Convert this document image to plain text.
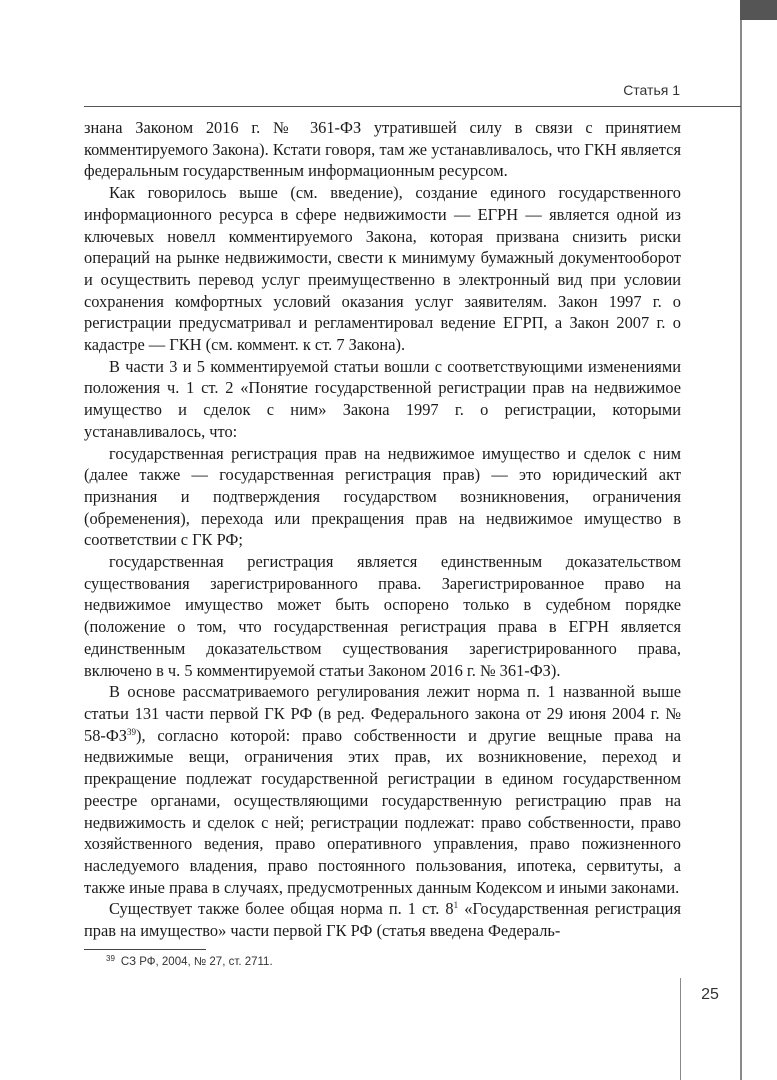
Статья 1

знана Законом 2016 г. № 361-ФЗ утратившей силу в связи с принятием комментируемого Закона). Кстати говоря, там же устанавливалось, что ГКН является федеральным государственным информационным ресурсом.

Как говорилось выше (см. введение), создание единого государственного информационного ресурса в сфере недвижимости — ЕГРН — является одной из ключевых новелл комментируемого Закона, которая призвана снизить риски операций на рынке недвижимости, свести к минимуму бумажный документооборот и осуществить перевод услуг преимущественно в электронный вид при условии сохранения комфортных условий оказания услуг заявителям. Закон 1997 г. о регистрации предусматривал и регламентировал ведение ЕГРП, а Закон 2007 г. о кадастре — ГКН (см. коммент. к ст. 7 Закона).

В части 3 и 5 комментируемой статьи вошли с соответствующими изменениями положения ч. 1 ст. 2 «Понятие государственной регистрации прав на недвижимое имущество и сделок с ним» Закона 1997 г. о регистрации, которыми устанавливалось, что:

государственная регистрация прав на недвижимое имущество и сделок с ним (далее также — государственная регистрация прав) — это юридический акт признания и подтверждения государством возникновения, ограничения (обременения), перехода или прекращения прав на недвижимое имущество в соответствии с ГК РФ;

государственная регистрация является единственным доказательством существования зарегистрированного права. Зарегистрированное право на недвижимое имущество может быть оспорено только в судебном порядке (положение о том, что государственная регистрация права в ЕГРН является единственным доказательством существования зарегистрированного права, включено в ч. 5 комментируемой статьи Законом 2016 г. № 361-ФЗ).

В основе рассматриваемого регулирования лежит норма п. 1 названной выше статьи 131 части первой ГК РФ (в ред. Федерального закона от 29 июня 2004 г. № 58-ФЗ$^{39}$), согласно которой: право собственности и другие вещные права на недвижимые вещи, ограничения этих прав, их возникновение, переход и прекращение подлежат государственной регистрации в едином государственном реестре органами, осуществляющими государственную регистрацию прав на недвижимость и сделок с ней; регистрации подлежат: право собственности, право хозяйственного ведения, право оперативного управления, право пожизненного наследуемого владения, право постоянного пользования, ипотека, сервитуты, а также иные права в случаях, предусмотренных данным Кодексом и иными законами.

Существует также более общая норма п. 1 ст. $8^1$ «Государственная регистрация прав на имущество» части первой ГК РФ (статья введена Федераль-

$^{39}$ СЗ РФ, 2004, № 27, ст. 2711.
25
